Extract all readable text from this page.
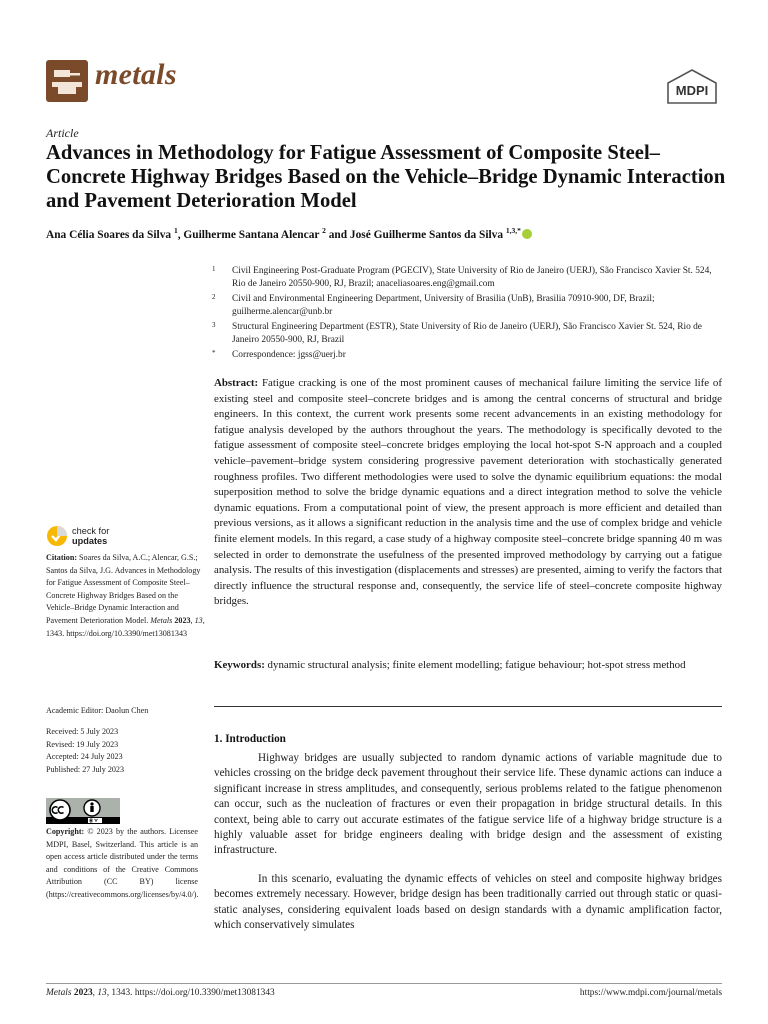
metals	MDPI
Article
Advances in Methodology for Fatigue Assessment of Composite Steel–Concrete Highway Bridges Based on the Vehicle–Bridge Dynamic Interaction and Pavement Deterioration Model
Ana Célia Soares da Silva $^1$, Guilherme Santana Alencar $^2$ and José Guilherme Santos da Silva $^{1,3,*}$
1 Civil Engineering Post-Graduate Program (PGECIV), State University of Rio de Janeiro (UERJ), São Francisco Xavier St. 524, Rio de Janeiro 20550-900, RJ, Brazil; anaceliasoares.eng@gmail.com
2 Civil and Environmental Engineering Department, University of Brasilia (UnB), Brasilia 70910-900, DF, Brazil; guilherme.alencar@unb.br
3 Structural Engineering Department (ESTR), State University of Rio de Janeiro (UERJ), São Francisco Xavier St. 524, Rio de Janeiro 20550-900, RJ, Brazil
* Correspondence: jgss@uerj.br
Abstract: Fatigue cracking is one of the most prominent causes of mechanical failure limiting the service life of existing steel and composite steel–concrete bridges and is among the central concerns of structural and bridge engineers. In this context, the current work presents some recent advancements in an existing methodology for fatigue analysis developed by the authors throughout the years. The methodology is specifically devoted to the fatigue assessment of composite steel–concrete bridges employing the local hot-spot S-N approach and a coupled vehicle–pavement–bridge system considering progressive pavement deterioration with stochastically generated roughness profiles. Two different methodologies were used to solve the dynamic equilibrium equations: the modal superposition method to solve the bridge dynamic equations and a direct integration method to solve the vehicle dynamic equations. From a computational point of view, the present approach is more efficient and detailed than previous versions, as it allows a significant reduction in the analysis time and the use of complex bridge and vehicle finite element models. In this regard, a case study of a highway composite steel–concrete bridge spanning 40 m was selected in order to demonstrate the usefulness of the presented improved methodology by carrying out a fatigue analysis. The results of this investigation (displacements and stresses) are presented, aiming to verify the factors that directly influence the structural response and, consequently, the service life of steel–concrete composite highway bridges.
Keywords: dynamic structural analysis; finite element modelling; fatigue behaviour; hot-spot stress method
check for
updates
Citation: Soares da Silva, A.C.; Alencar, G.S.; Santos da Silva, J.G. Advances in Methodology for Fatigue Assessment of Composite Steel–Concrete Highway Bridges Based on the Vehicle–Bridge Dynamic Interaction and Pavement Deterioration Model. Metals 2023, 13, 1343. https://doi.org/10.3390/met13081343
Academic Editor: Daolun Chen
Received: 5 July 2023
Revised: 19 July 2023
Accepted: 24 July 2023
Published: 27 July 2023
Copyright: © 2023 by the authors. Licensee MDPI, Basel, Switzerland. This article is an open access article distributed under the terms and conditions of the Creative Commons Attribution (CC BY) license (https://creativecommons.org/licenses/by/4.0/).
1. Introduction
Highway bridges are usually subjected to random dynamic actions of variable magnitude due to vehicles crossing on the bridge deck pavement throughout their service life. These dynamic actions can induce a significant increase in stress amplitudes, and consequently, serious problems related to the fatigue phenomenon can occur, such as the nucleation of fractures or even their propagation in bridge structural details. In this context, being able to carry out accurate estimates of the fatigue service life of a highway bridge structure is a highly valuable asset for bridge engineers dealing with bridge design and the assessment of existing infrastructure.
In this scenario, evaluating the dynamic effects of vehicles on steel and composite highway bridges becomes extremely necessary. However, bridge design has been traditionally carried out through static or quasi-static analyses, considering equivalent loads based on design standards with a dynamic amplification factor, which conservatively simulates
Metals 2023, 13, 1343. https://doi.org/10.3390/met13081343	https://www.mdpi.com/journal/metals
